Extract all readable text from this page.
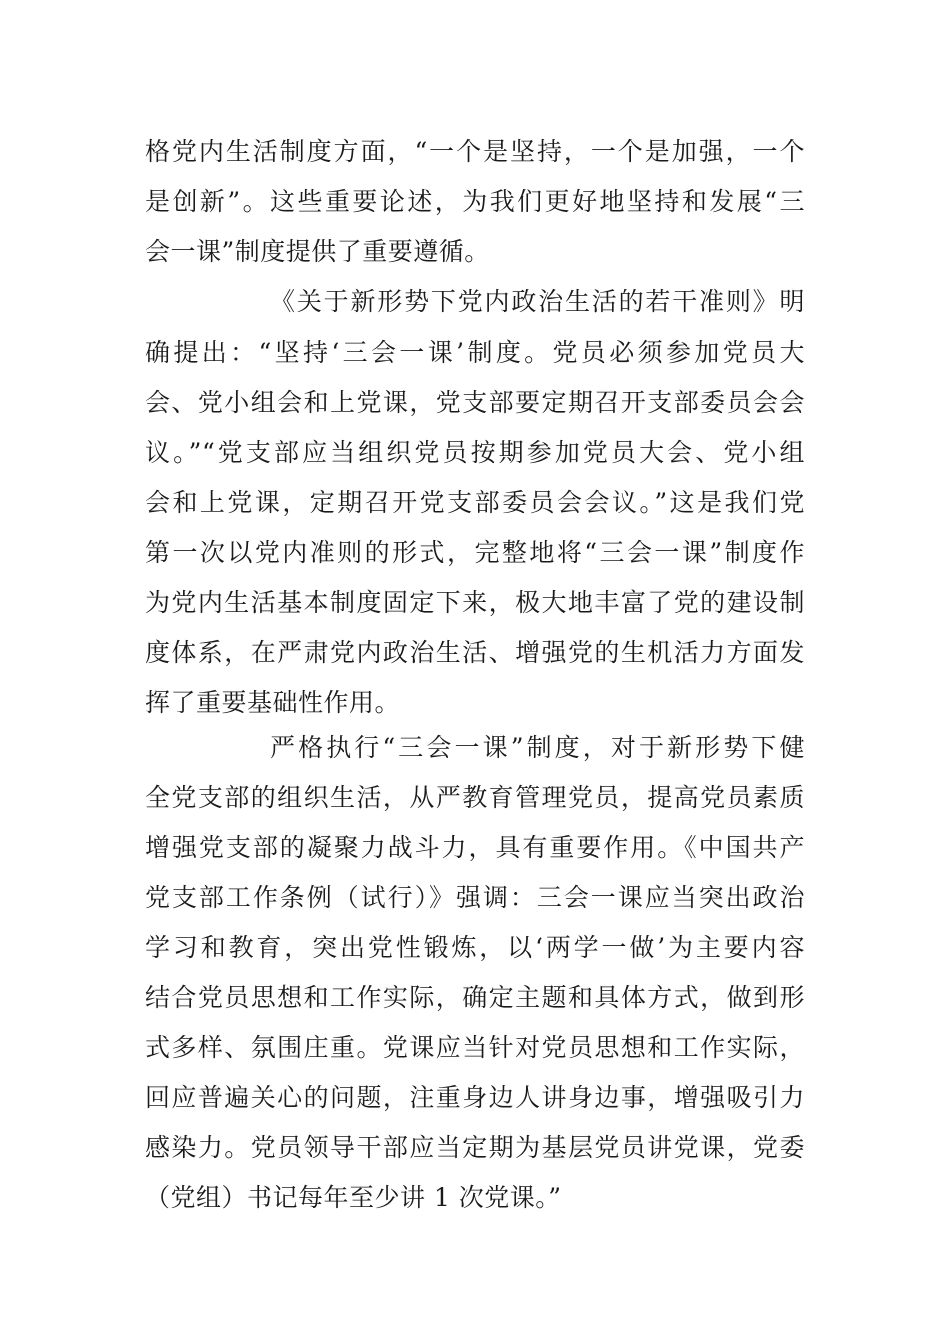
格党内生活制度方面，“一个是坚持，一个是加强，一个
是创新”。这些重要论述，为我们更好地坚持和发展“三
会一课”制度提供了重要遵循。
《关于新形势下党内政治生活的若干准则》明
确提出：“坚持‘三会一课’制度。党员必须参加党员大
会、党小组会和上党课，党支部要定期召开支部委员会会
议。”“党支部应当组织党员按期参加党员大会、党小组
会和上党课，定期召开党支部委员会会议。”这是我们党
第一次以党内准则的形式，完整地将“三会一课”制度作
为党内生活基本制度固定下来，极大地丰富了党的建设制
度体系，在严肃党内政治生活、增强党的生机活力方面发
挥了重要基础性作用。
严格执行“三会一课”制度，对于新形势下健
全党支部的组织生活，从严教育管理党员，提高党员素质
增强党支部的凝聚力战斗力，具有重要作用。《中国共产
党支部工作条例（试行）》强调：三会一课应当突出政治
学习和教育，突出党性锻炼，以‘两学一做’为主要内容
结合党员思想和工作实际，确定主题和具体方式，做到形
式多样、氛围庄重。党课应当针对党员思想和工作实际，
回应普遍关心的问题，注重身边人讲身边事，增强吸引力
感染力。党员领导干部应当定期为基层党员讲党课，党委
（党组）书记每年至少讲 1 次党课。”
